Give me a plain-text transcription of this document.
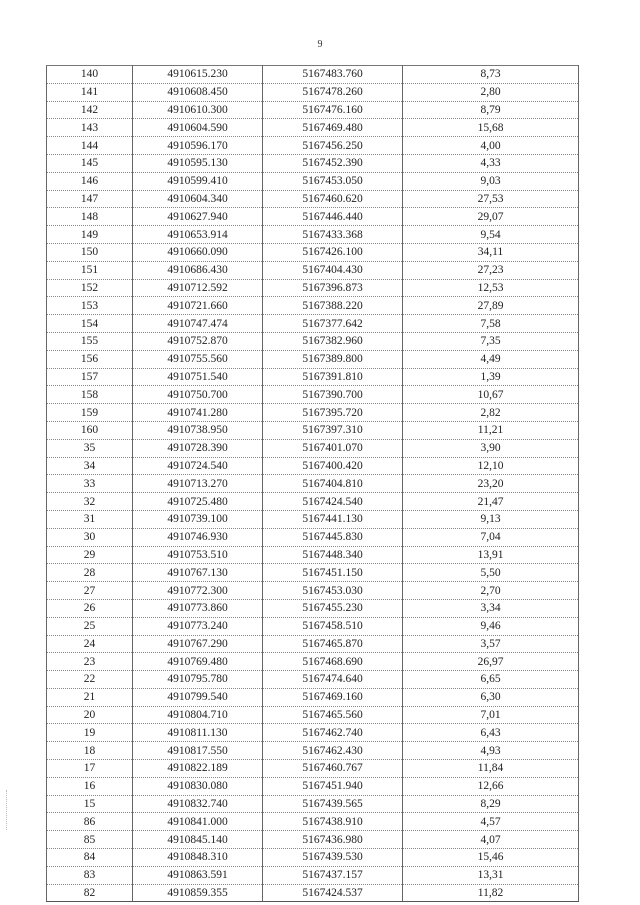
9
140	4910615.230	5167483.760	8,73
141	4910608.450	5167478.260	2,80
142	4910610.300	5167476.160	8,79
143	4910604.590	5167469.480	15,68
144	4910596.170	5167456.250	4,00
145	4910595.130	5167452.390	4,33
146	4910599.410	5167453.050	9,03
147	4910604.340	5167460.620	27,53
148	4910627.940	5167446.440	29,07
149	4910653.914	5167433.368	9,54
150	4910660.090	5167426.100	34,11
151	4910686.430	5167404.430	27,23
152	4910712.592	5167396.873	12,53
153	4910721.660	5167388.220	27,89
154	4910747.474	5167377.642	7,58
155	4910752.870	5167382.960	7,35
156	4910755.560	5167389.800	4,49
157	4910751.540	5167391.810	1,39
158	4910750.700	5167390.700	10,67
159	4910741.280	5167395.720	2,82
160	4910738.950	5167397.310	11,21
35	4910728.390	5167401.070	3,90
34	4910724.540	5167400.420	12,10
33	4910713.270	5167404.810	23,20
32	4910725.480	5167424.540	21,47
31	4910739.100	5167441.130	9,13
30	4910746.930	5167445.830	7,04
29	4910753.510	5167448.340	13,91
28	4910767.130	5167451.150	5,50
27	4910772.300	5167453.030	2,70
26	4910773.860	5167455.230	3,34
25	4910773.240	5167458.510	9,46
24	4910767.290	5167465.870	3,57
23	4910769.480	5167468.690	26,97
22	4910795.780	5167474.640	6,65
21	4910799.540	5167469.160	6,30
20	4910804.710	5167465.560	7,01
19	4910811.130	5167462.740	6,43
18	4910817.550	5167462.430	4,93
17	4910822.189	5167460.767	11,84
16	4910830.080	5167451.940	12,66
15	4910832.740	5167439.565	8,29
86	4910841.000	5167438.910	4,57
85	4910845.140	5167436.980	4,07
84	4910848.310	5167439.530	15,46
83	4910863.591	5167437.157	13,31
82	4910859.355	5167424.537	11,82
